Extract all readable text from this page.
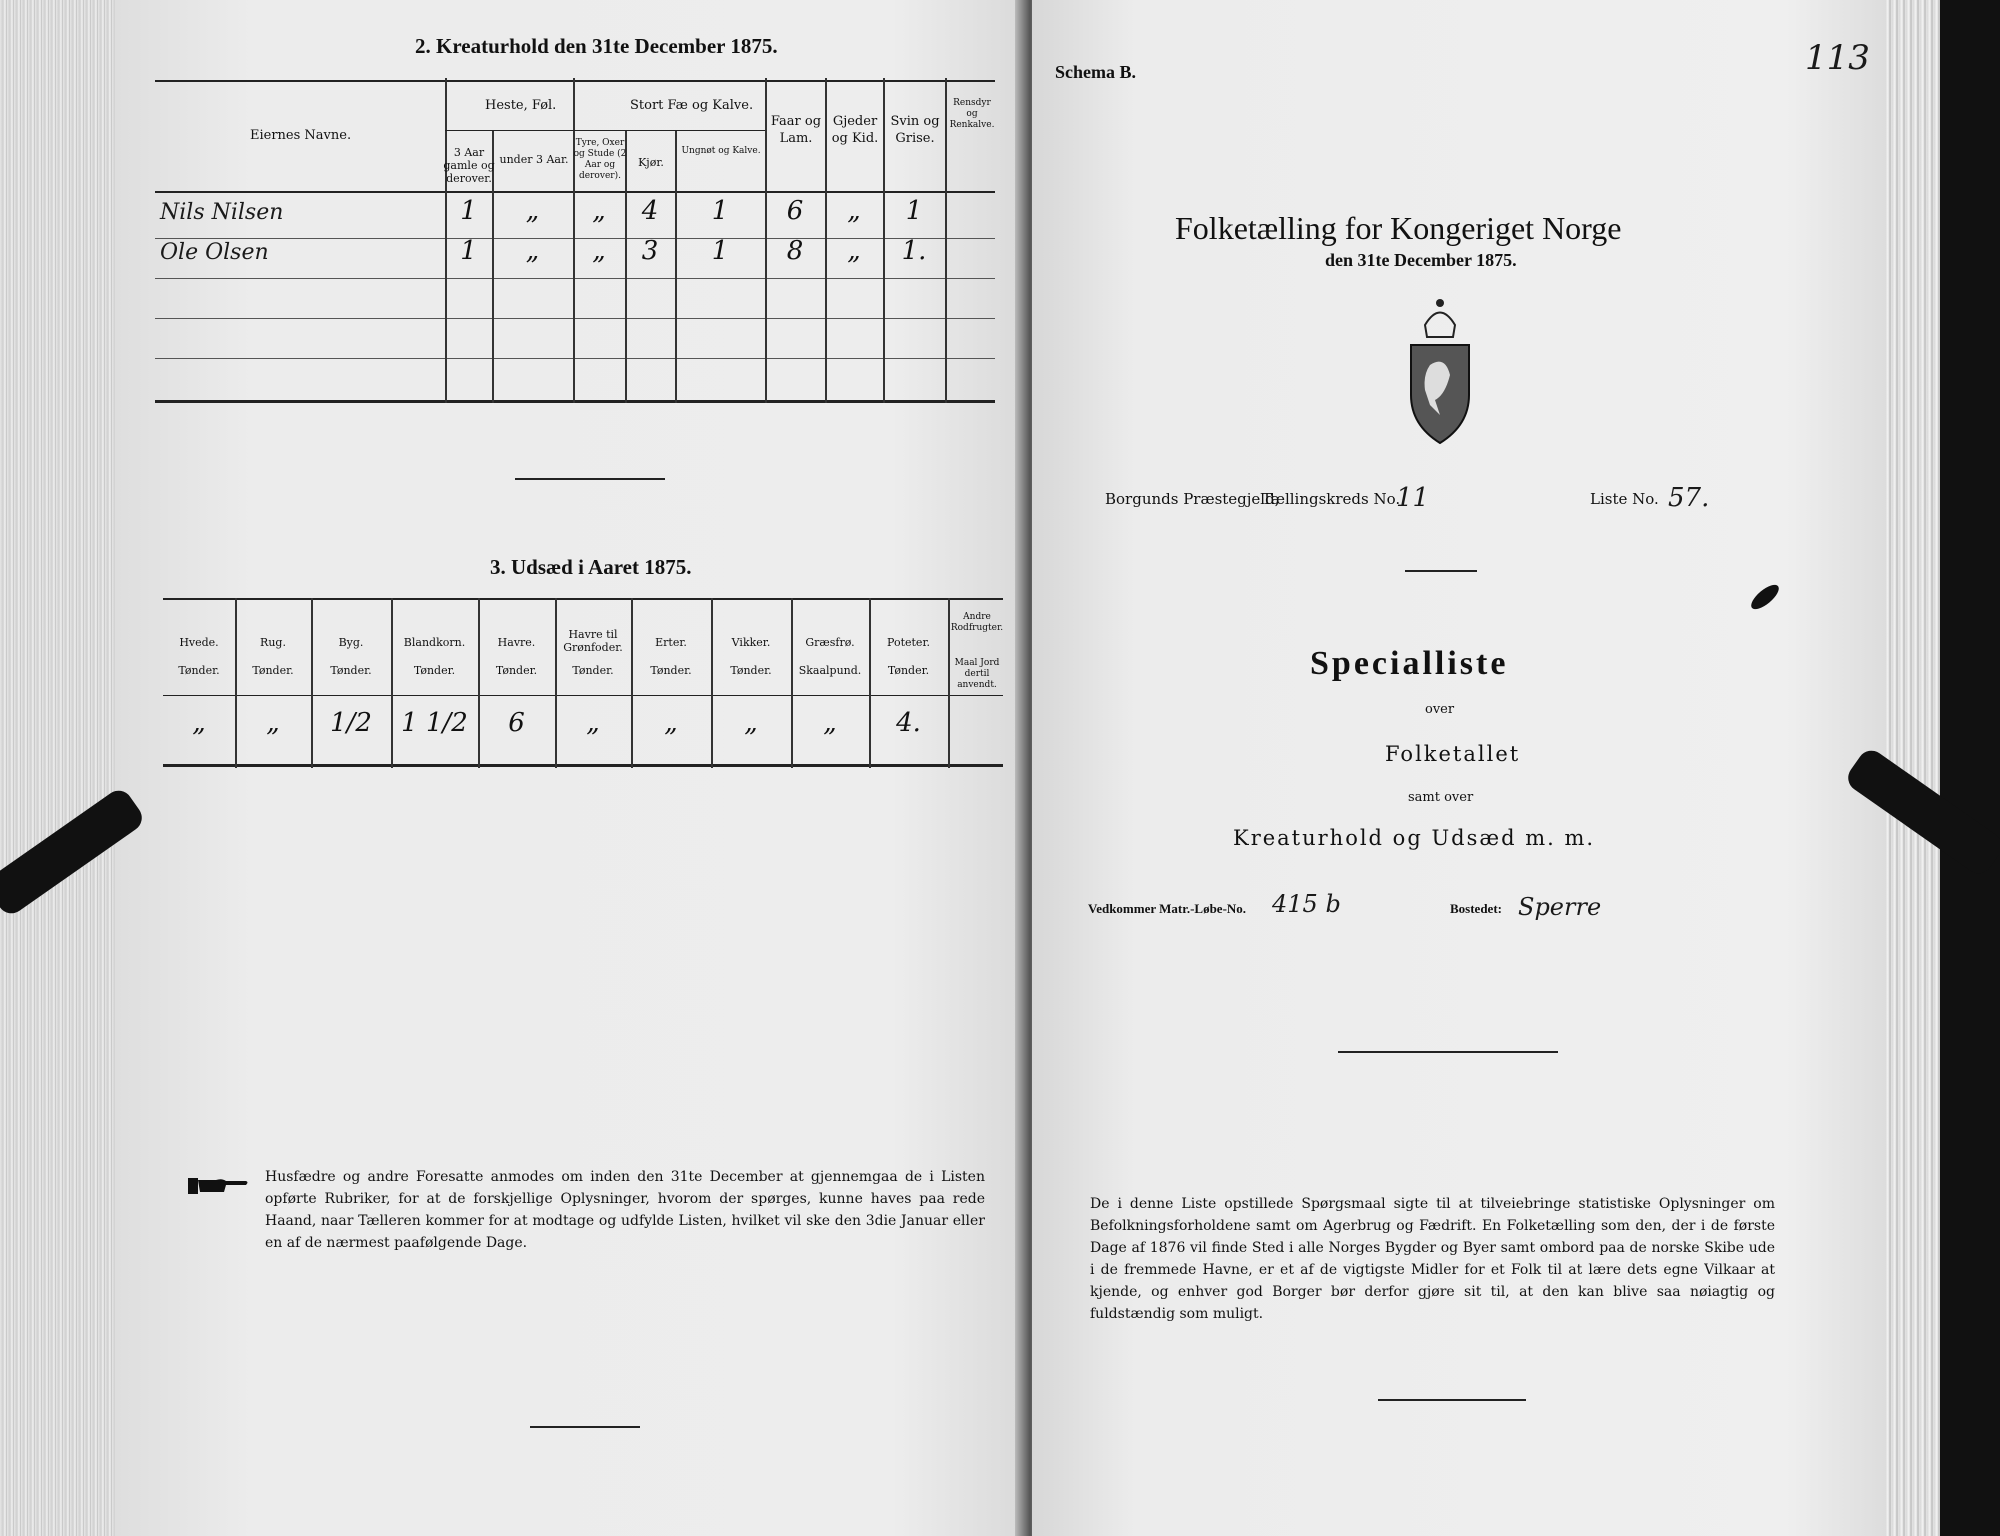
113
2. Kreaturhold den 31te December 1875.
Eiernes Navne.
Heste, Føl.
3 Aar gamle og derover.
under 3 Aar.
Stort Fæ og Kalve.
Tyre, Oxer og Stude (2 Aar og derover).
Kjør.
Ungnøt og Kalve.
Faar og Lam.
Gjeder og Kid.
Svin og Grise.
Rensdyr og Renkalve.
Nils Nilsen	1	„	„	4	1	6	„	1
Ole Olsen	1	„	„	3	1	8	„	1.
3. Udsæd i Aaret 1875.
Hvede.
Tønder.
Rug.
Tønder.
Byg.
Tønder.
Blandkorn.
Tønder.
Havre.
Tønder.
Havre til Grønfoder.
Tønder.
Erter.
Tønder.
Vikker.
Tønder.
Græsfrø.
Skaalpund.
Poteter.
Tønder.
Andre Rodfrugter.
Maal Jord dertil anvendt.
„	„	1/2	1 1/2	6	„	„	„	„	4.
Husfædre og andre Foresatte anmodes om inden den 31te December at gjennemgaa de i Listen opførte Rubriker, for at de forskjellige Oplysninger, hvorom der spørges, kunne haves paa rede Haand, naar Tælleren kommer for at modtage og udfylde Listen, hvilket vil ske den 3die Januar eller en af de nærmest paafølgende Dage.
Schema B.
Folketælling for Kongeriget Norge
den 31te December 1875.
Borgunds Præstegjeld,
Tællingskreds No.
11	Liste No. 57.
Specialliste
over
Folketallet
samt over
Kreaturhold og Udsæd m. m.
Vedkommer Matr.-Løbe-No. 415 b	Bostedet: Sperre
De i denne Liste opstillede Spørgsmaal sigte til at tilveiebringe statistiske Oplysninger om Befolkningsforholdene samt om Agerbrug og Fædrift. En Folketælling som den, der i de første Dage af 1876 vil finde Sted i alle Norges Bygder og Byer samt ombord paa de norske Skibe ude i de fremmede Havne, er et af de vigtigste Midler for et Folk til at lære dets egne Vilkaar at kjende, og enhver god Borger bør derfor gjøre sit til, at den kan blive saa nøiagtig og fuldstændig som muligt.
